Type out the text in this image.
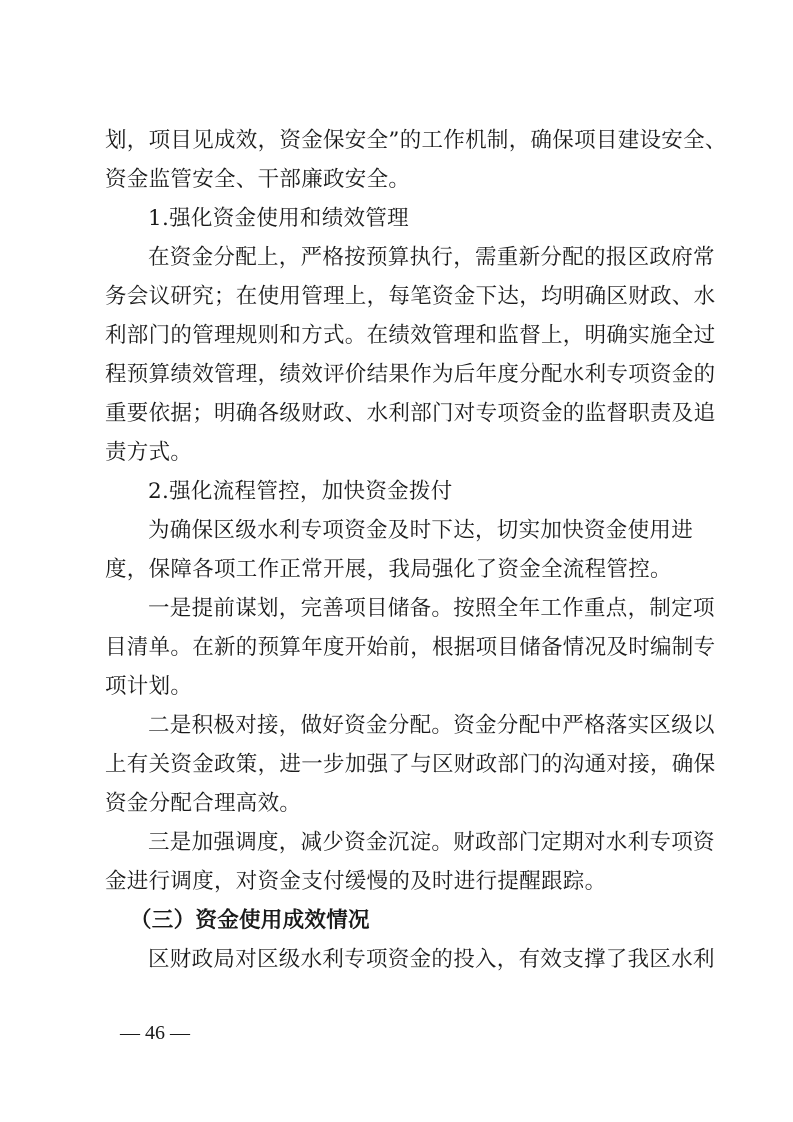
划，项目见成效，资金保安全”的工作机制，确保项目建设安全、

资金监管安全、干部廉政安全。

1.强化资金使用和绩效管理

在资金分配上，严格按预算执行，需重新分配的报区政府常

务会议研究；在使用管理上，每笔资金下达，均明确区财政、水

利部门的管理规则和方式。在绩效管理和监督上，明确实施全过

程预算绩效管理，绩效评价结果作为后年度分配水利专项资金的

重要依据；明确各级财政、水利部门对专项资金的监督职责及追

责方式。

2.强化流程管控，加快资金拨付

为确保区级水利专项资金及时下达，切实加快资金使用进

度，保障各项工作正常开展，我局强化了资金全流程管控。

一是提前谋划，完善项目储备。按照全年工作重点，制定项

目清单。在新的预算年度开始前，根据项目储备情况及时编制专

项计划。

二是积极对接，做好资金分配。资金分配中严格落实区级以

上有关资金政策，进一步加强了与区财政部门的沟通对接，确保

资金分配合理高效。

三是加强调度，减少资金沉淀。财政部门定期对水利专项资

金进行调度，对资金支付缓慢的及时进行提醒跟踪。

（三）资金使用成效情况

区财政局对区级水利专项资金的投入，有效支撑了我区水利

— 46 —
